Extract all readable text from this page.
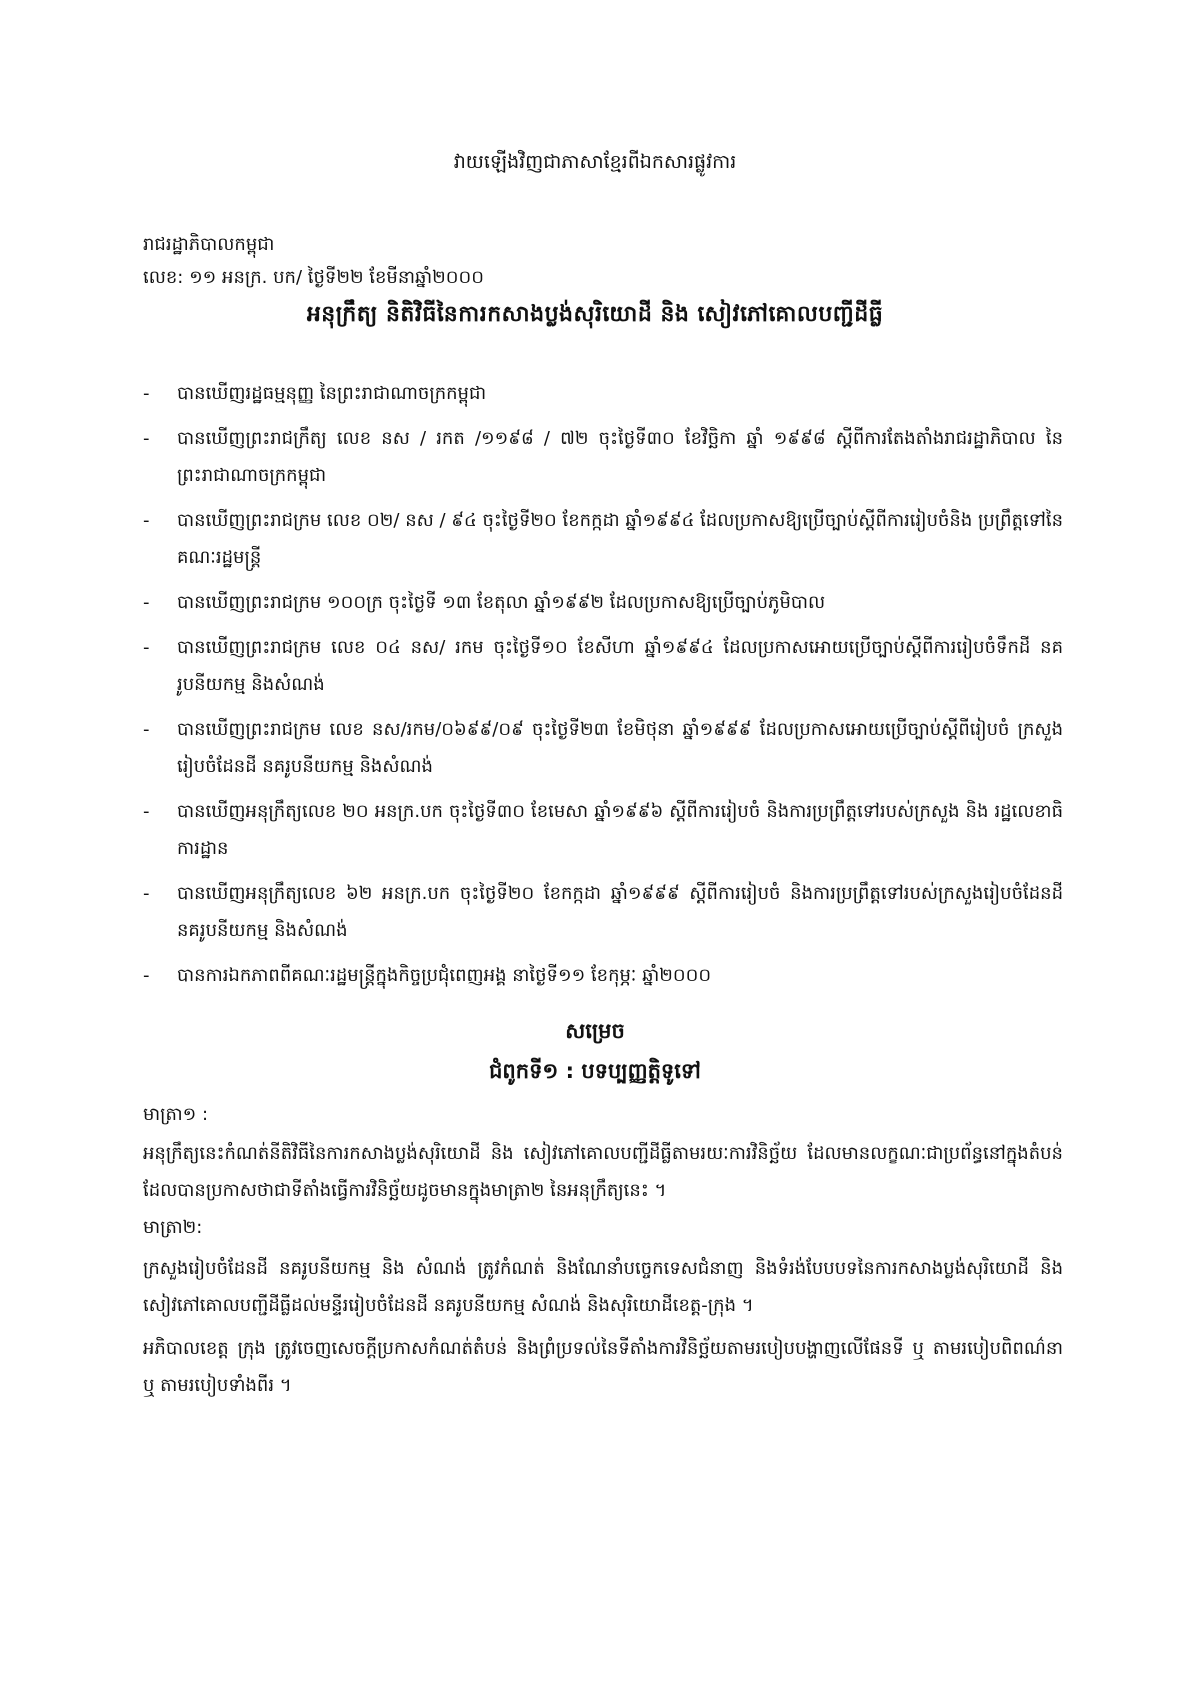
វាយឡើងវិញជាភាសាខ្មែរពីឯកសារផ្លូវការ
រាជរដ្ឋាភិបាលកម្ពុជា
លេខ: ១១ អនក្រ. បក/ ថ្ងៃទី២២ ខែមីនាឆ្នាំ២០០០
អនុក្រឹត្យ និតិវិធីនៃការកសាងប្លង់សុរិយោដី និង សៀវភៅគោលបញ្ជីដីធ្លី
- បានឃើញរដ្ឋធម្មនុញ្ញ នៃព្រះរាជាណាចក្រកម្ពុជា
- បានឃើញព្រះរាជក្រឹត្យ លេខ នស / រកត /១១៩៨ / ៧២ ចុះថ្ងៃទី៣០ ខែវិច្ឆិកា ឆ្នាំ ១៩៩៨ ស្តីពីការតែងតាំងរាជរដ្ឋាភិបាល នៃព្រះរាជាណាចក្រកម្ពុជា
- បានឃើញព្រះរាជក្រម លេខ ០២/ នស / ៩៤ ចុះថ្ងៃទី២០ ខែកក្កដា ឆ្នាំ១៩៩៤ ដែលប្រកាសឱ្យប្រើច្បាប់ស្តីពីការរៀបចំនិង ប្រព្រឹត្តទៅនៃគណៈរដ្ឋមន្ត្រី
- បានឃើញព្រះរាជក្រម ១០០ក្រ ចុះថ្ងៃទី ១៣ ខែតុលា ឆ្នាំ១៩៩២ ដែលប្រកាសឱ្យប្រើច្បាប់ភូមិបាល
- បានឃើញព្រះរាជក្រម លេខ ០៤ នស/ រកម ចុះថ្ងៃទី១០ ខែសីហា ឆ្នាំ១៩៩៤ ដែលប្រកាសអោយប្រើច្បាប់ស្តីពីការរៀបចំទឹកដី នគរូបនីយកម្ម និងសំណង់
- បានឃើញព្រះរាជក្រម លេខ នស/រកម/០៦៩៩/០៩ ចុះថ្ងៃទី២៣ ខែមិថុនា ឆ្នាំ១៩៩៩ ដែលប្រកាសអោយប្រើច្បាប់ស្តីពីរៀបចំ ក្រសួង រៀបចំដែនដី នគរូបនីយកម្ម និងសំណង់
- បានឃើញអនុក្រឹត្យលេខ ២០ អនក្រ.បក ចុះថ្ងៃទី៣០ ខែមេសា ឆ្នាំ១៩៩៦ ស្តីពីការរៀបចំ និងការប្រព្រឹត្តទៅរបស់ក្រសួង និង រដ្ឋលេខាធិការដ្ឋាន
- បានឃើញអនុក្រឹត្យលេខ ៦២ អនក្រ.បក ចុះថ្ងៃទី២០ ខែកក្កដា ឆ្នាំ១៩៩៩ ស្តីពីការរៀបចំ និងការប្រព្រឹត្តទៅរបស់ក្រសួងរៀបចំដែនដី នគរូបនីយកម្ម និងសំណង់
- បានការឯកភាពពីគណៈរដ្ឋមន្ត្រីក្នុងកិច្ចប្រជុំពេញអង្គ នាថ្ងៃទី១១ ខែកុម្ភៈ ឆ្នាំ២០០០
សម្រេច
ជំពូកទី១ : បទប្បញ្ញត្តិទូទៅ
មាត្រា១ :
អនុក្រឹត្យនេះកំណត់នីតិវិធីនៃការកសាងប្លង់សុរិយោដី និង សៀវភៅគោលបញ្ជីដីធ្លីតាមរយៈការវិនិច្ឆ័យ ដែលមានលក្ខណៈជាប្រព័ន្ធនៅក្នុងតំបន់ ដែលបានប្រកាសថាជាទីតាំងធ្វើការវិនិច្ឆ័យដូចមានក្នុងមាត្រា២ នៃអនុក្រឹត្យនេះ ។
មាត្រា២:
ក្រសួងរៀបចំដែនដី នគរូបនីយកម្ម និង សំណង់ ត្រូវកំណត់ និងណែនាំបច្ចេកទេសជំនាញ និងទំរង់បែបបទនៃការកសាងប្លង់សុរិយោដី និង សៀវភៅគោលបញ្ជីដីធ្លីដល់មន្ទីររៀបចំដែនដី នគរូបនីយកម្ម សំណង់ និងសុរិយោដីខេត្ត-ក្រុង ។
អភិបាលខេត្ត ក្រុង ត្រូវចេញសេចក្តីប្រកាសកំណត់តំបន់ និងព្រំប្រទល់នៃទីតាំងការវិនិច្ឆ័យតាមរបៀបបង្ហាញលើផែនទី ឬ តាមរបៀបពិពណ៌នា ឬ តាមរបៀបទាំងពីរ ។
